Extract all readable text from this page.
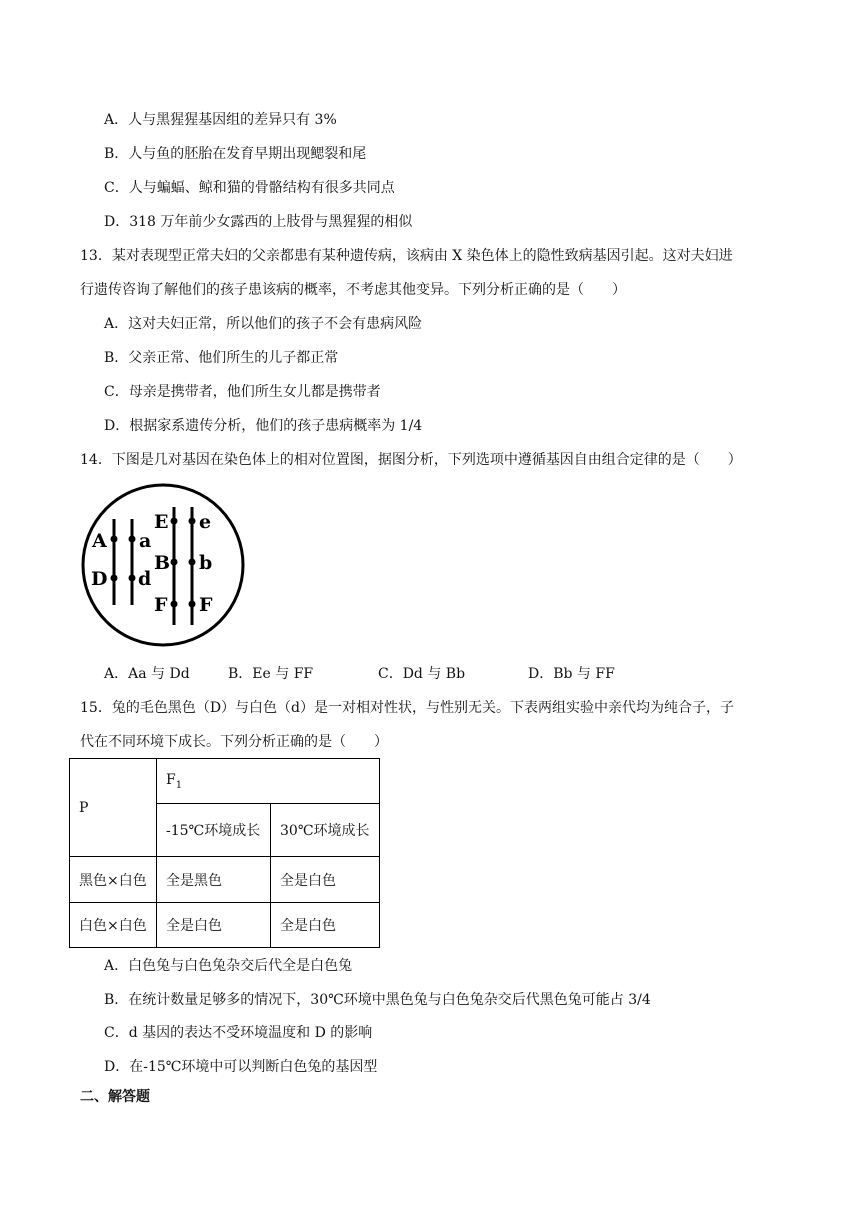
A．人与黑猩猩基因组的差异只有 3%
B．人与鱼的胚胎在发育早期出现鳃裂和尾
C．人与蝙蝠、鲸和猫的骨骼结构有很多共同点
D．318 万年前少女露西的上肢骨与黑猩猩的相似
13．某对表现型正常夫妇的父亲都患有某种遗传病，该病由 X 染色体上的隐性致病基因引起。这对夫妇进
行遗传咨询了解他们的孩子患该病的概率，不考虑其他变异。下列分析正确的是（　　）
A．这对夫妇正常，所以他们的孩子不会有患病风险
B．父亲正常、他们所生的儿子都正常
C．母亲是携带者，他们所生女儿都是携带者
D．根据家系遗传分析，他们的孩子患病概率为 1/4
14．下图是几对基因在染色体上的相对位置图，据图分析，下列选项中遵循基因自由组合定律的是（　　）
A a
D d
E e
B b
F F
A．Aa 与 Dd	B．Ee 与 FF	C．Dd 与 Bb	D．Bb 与 FF
15．兔的毛色黑色（D）与白色（d）是一对相对性状，与性别无关。下表两组实验中亲代均为纯合子，子
代在不同环境下成长。下列分析正确的是（　　）
P	$F_1$
	-15℃环境成长	30℃环境成长
黑色×白色	全是黑色	全是白色
白色×白色	全是白色	全是白色
A．白色兔与白色兔杂交后代全是白色兔
B．在统计数量足够多的情况下，30℃环境中黑色兔与白色兔杂交后代黑色兔可能占 3/4
C．d 基因的表达不受环境温度和 D 的影响
D．在-15℃环境中可以判断白色兔的基因型
二、解答题
